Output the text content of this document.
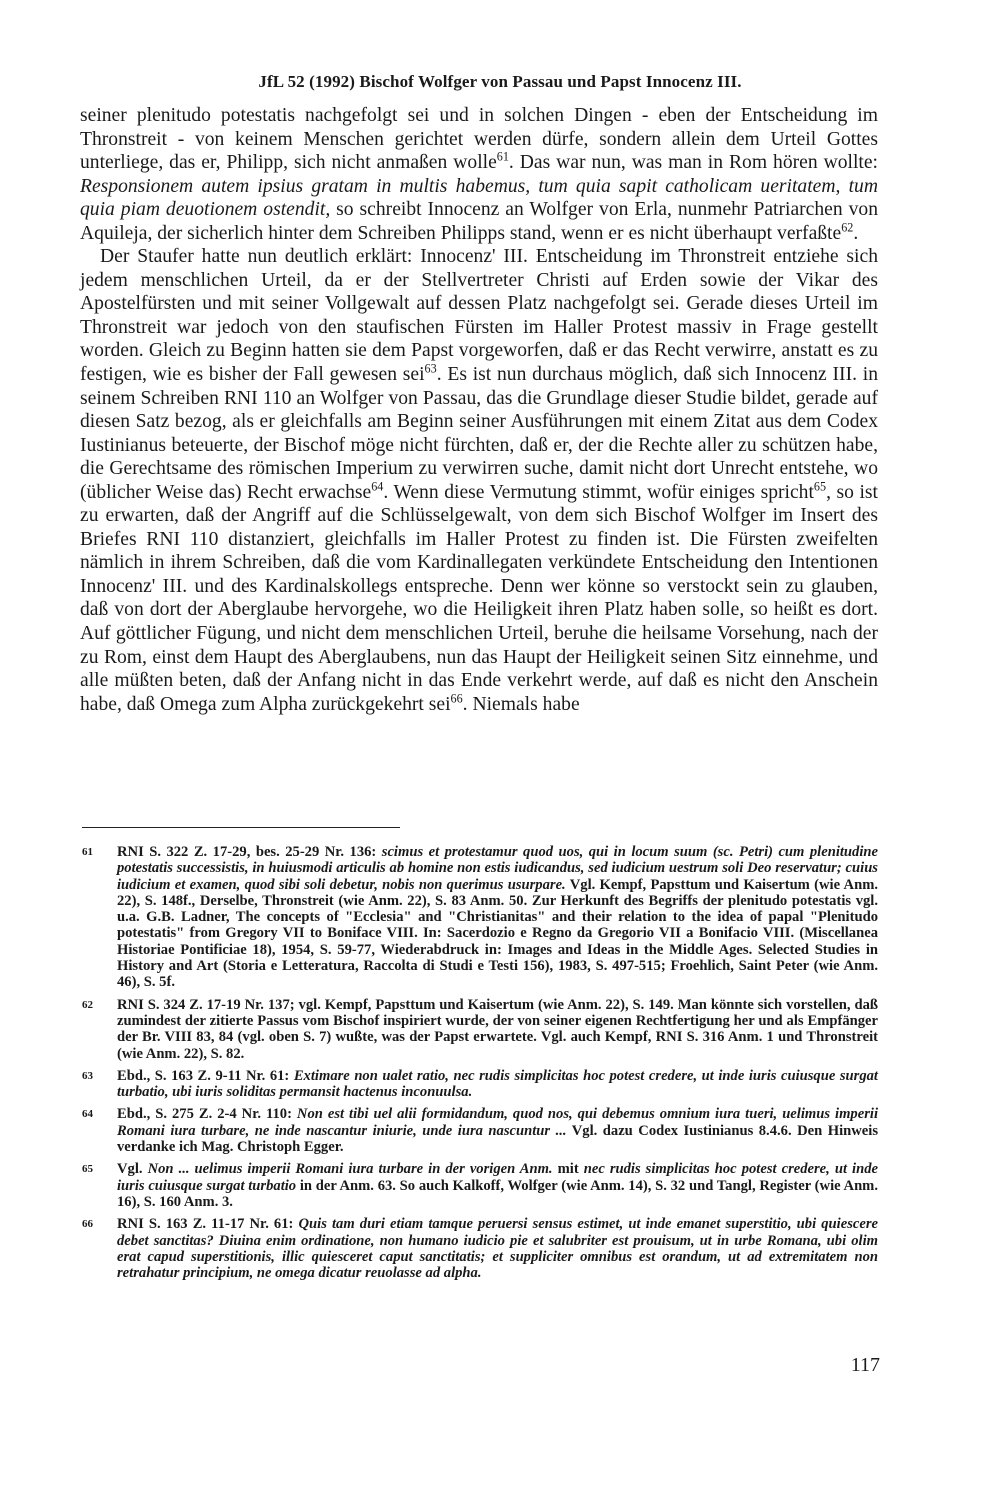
JfL 52 (1992) Bischof Wolfger von Passau und Papst Innocenz III.

seiner plenitudo potestatis nachgefolgt sei und in solchen Dingen - eben der Entscheidung im Thronstreit - von keinem Menschen gerichtet werden dürfe, sondern allein dem Urteil Gottes unterliege, das er, Philipp, sich nicht anmaßen wolle$^{61}$. Das war nun, was man in Rom hören wollte: Responsionem autem ipsius gratam in multis habemus, tum quia sapit catholicam ueritatem, tum quia piam deuotionem ostendit, so schreibt Innocenz an Wolfger von Erla, nunmehr Patriarchen von Aquileja, der sicherlich hinter dem Schreiben Philipps stand, wenn er es nicht überhaupt verfaßte$^{62}$.

Der Staufer hatte nun deutlich erklärt: Innocenz' III. Entscheidung im Thronstreit entziehe sich jedem menschlichen Urteil, da er der Stellvertreter Christi auf Erden sowie der Vikar des Apostelfürsten und mit seiner Vollgewalt auf dessen Platz nachgefolgt sei. Gerade dieses Urteil im Thronstreit war jedoch von den staufischen Fürsten im Haller Protest massiv in Frage gestellt worden. Gleich zu Beginn hatten sie dem Papst vorgeworfen, daß er das Recht verwirre, anstatt es zu festigen, wie es bisher der Fall gewesen sei$^{63}$. Es ist nun durchaus möglich, daß sich Innocenz III. in seinem Schreiben RNI 110 an Wolfger von Passau, das die Grundlage dieser Studie bildet, gerade auf diesen Satz bezog, als er gleichfalls am Beginn seiner Ausführungen mit einem Zitat aus dem Codex Iustinianus beteuerte, der Bischof möge nicht fürchten, daß er, der die Rechte aller zu schützen habe, die Gerechtsame des römischen Imperium zu verwirren suche, damit nicht dort Unrecht entstehe, wo (üblicher Weise das) Recht erwachse$^{64}$. Wenn diese Vermutung stimmt, wofür einiges spricht$^{65}$, so ist zu erwarten, daß der Angriff auf die Schlüsselgewalt, von dem sich Bischof Wolfger im Insert des Briefes RNI 110 distanziert, gleichfalls im Haller Protest zu finden ist. Die Fürsten zweifelten nämlich in ihrem Schreiben, daß die vom Kardinallegaten verkündete Entscheidung den Intentionen Innocenz' III. und des Kardinalskollegs entspreche. Denn wer könne so verstockt sein zu glauben, daß von dort der Aberglaube hervorgehe, wo die Heiligkeit ihren Platz haben solle, so heißt es dort. Auf göttlicher Fügung, und nicht dem menschlichen Urteil, beruhe die heilsame Vorsehung, nach der zu Rom, einst dem Haupt des Aberglaubens, nun das Haupt der Heiligkeit seinen Sitz einnehme, und alle müßten beten, daß der Anfang nicht in das Ende verkehrt werde, auf daß es nicht den Anschein habe, daß Omega zum Alpha zurückgekehrt sei$^{66}$. Niemals habe

61 RNI S. 322 Z. 17-29, bes. 25-29 Nr. 136: scimus et protestamur quod uos, qui in locum suum (sc. Petri) cum plenitudine potestatis successistis, in huiusmodi articulis ab homine non estis iudicandus, sed iudicium uestrum soli Deo reservatur; cuius iudicium et examen, quod sibi soli debetur, nobis non querimus usurpare. Vgl. Kempf, Papsttum und Kaisertum (wie Anm. 22), S. 148f., Derselbe, Thronstreit (wie Anm. 22), S. 83 Anm. 50. Zur Herkunft des Begriffs der plenitudo potestatis vgl. u.a. G.B. Ladner, The concepts of "Ecclesia" and "Christianitas" and their relation to the idea of papal "Plenitudo potestatis" from Gregory VII to Boniface VIII. In: Sacerdozio e Regno da Gregorio VII a Bonifacio VIII. (Miscellanea Historiae Pontificiae 18), 1954, S. 59-77, Wiederabdruck in: Images and Ideas in the Middle Ages. Selected Studies in History and Art (Storia e Letteratura, Raccolta di Studi e Testi 156), 1983, S. 497-515; Froehlich, Saint Peter (wie Anm. 46), S. 5f.
62 RNI S. 324 Z. 17-19 Nr. 137; vgl. Kempf, Papsttum und Kaisertum (wie Anm. 22), S. 149. Man könnte sich vorstellen, daß zumindest der zitierte Passus vom Bischof inspiriert wurde, der von seiner eigenen Rechtfertigung her und als Empfänger der Br. VIII 83, 84 (vgl. oben S. 7) wußte, was der Papst erwartete. Vgl. auch Kempf, RNI S. 316 Anm. 1 und Thronstreit (wie Anm. 22), S. 82.
63 Ebd., S. 163 Z. 9-11 Nr. 61: Extimare non ualet ratio, nec rudis simplicitas hoc potest credere, ut inde iuris cuiusque surgat turbatio, ubi iuris soliditas permansit hactenus inconuulsa.
64 Ebd., S. 275 Z. 2-4 Nr. 110: Non est tibi uel alii formidandum, quod nos, qui debemus omnium iura tueri, uelimus imperii Romani iura turbare, ne inde nascantur iniurie, unde iura nascuntur ... Vgl. dazu Codex Iustinianus 8.4.6. Den Hinweis verdanke ich Mag. Christoph Egger.
65 Vgl. Non ... uelimus imperii Romani iura turbare in der vorigen Anm. mit nec rudis simplicitas hoc potest credere, ut inde iuris cuiusque surgat turbatio in der Anm. 63. So auch Kalkoff, Wolfger (wie Anm. 14), S. 32 und Tangl, Register (wie Anm. 16), S. 160 Anm. 3.
66 RNI S. 163 Z. 11-17 Nr. 61: Quis tam duri etiam tamque peruersi sensus estimet, ut inde emanet superstitio, ubi quiescere debet sanctitas? Diuina enim ordinatione, non humano iudicio pie et salubriter est prouisum, ut in urbe Romana, ubi olim erat capud superstitionis, illic quiesceret caput sanctitatis; et suppliciter omnibus est orandum, ut ad extremitatem non retrahatur principium, ne omega dicatur reuolasse ad alpha.
117
